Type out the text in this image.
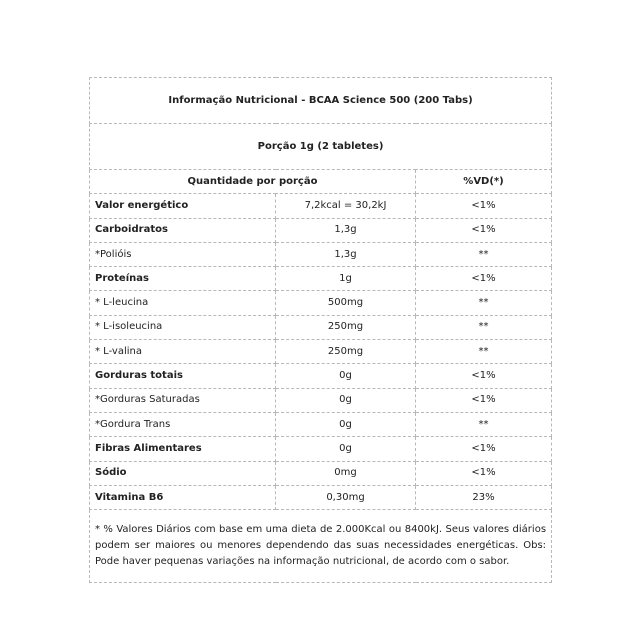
Informação Nutricional - BCAA Science 500 (200 Tabs)		
Porção 1g (2 tabletes)		
Quantidade por porção		%VD(*)
Valor energético	7,2kcal = 30,2kJ	<1%
Carboidratos	1,3g	<1%
*Polióis	1,3g	**
Proteínas	1g	<1%
* L-leucina	500mg	**
* L-isoleucina	250mg	**
* L-valina	250mg	**
Gorduras totais	0g	<1%
*Gorduras Saturadas	0g	<1%
*Gordura Trans	0g	**
Fibras Alimentares	0g	<1%
Sódio	0mg	<1%
Vitamina B6	0,30mg	23%
* % Valores Diários com base em uma dieta de 2.000Kcal ou 8400kJ. Seus valores diários podem ser maiores ou menores dependendo das suas necessidades energéticas. Obs: Pode haver pequenas variações na informação nutricional, de acordo com o sabor.		
